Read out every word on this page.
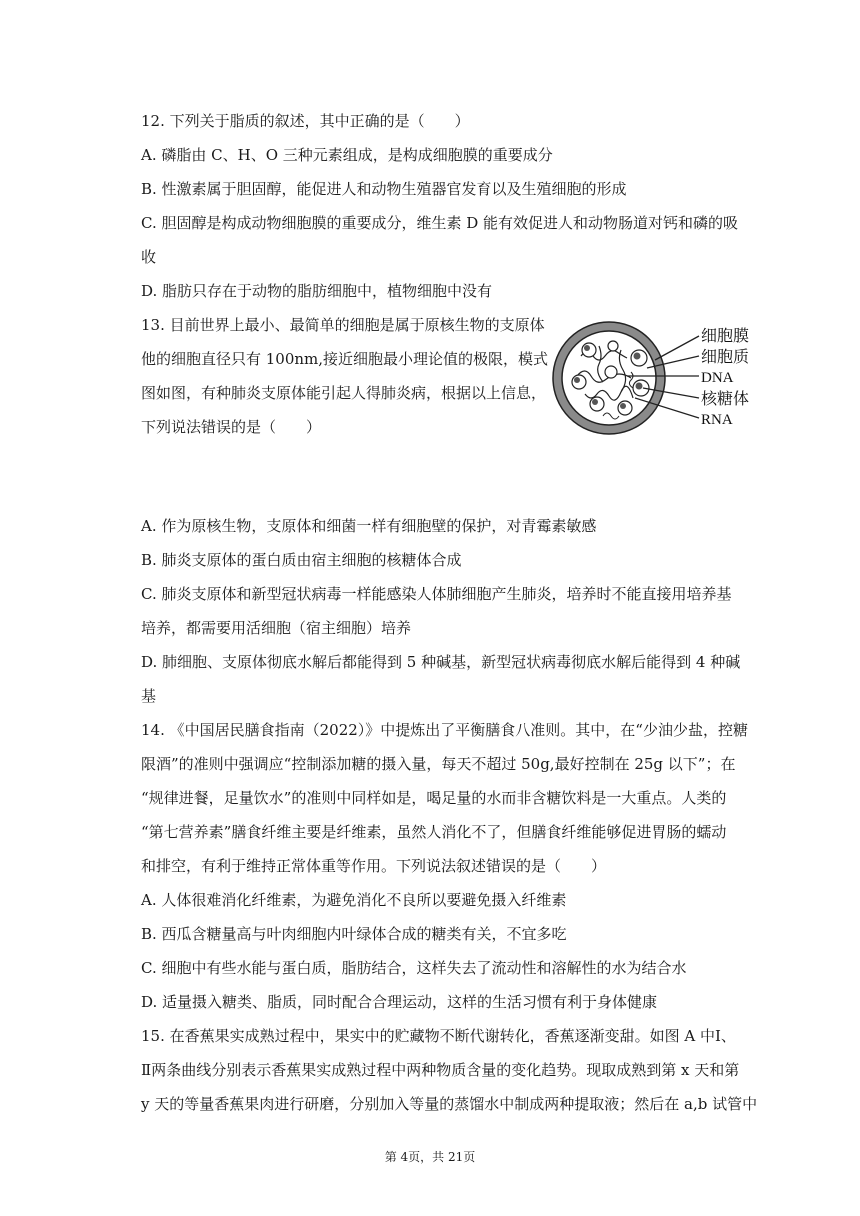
12. 下列关于脂质的叙述，其中正确的是（　　）
A. 磷脂由 C、H、O 三种元素组成，是构成细胞膜的重要成分
B. 性激素属于胆固醇，能促进人和动物生殖器官发育以及生殖细胞的形成
C. 胆固醇是构成动物细胞膜的重要成分，维生素 D 能有效促进人和动物肠道对钙和磷的吸
收
D. 脂肪只存在于动物的脂肪细胞中，植物细胞中没有
13. 目前世界上最小、最简单的细胞是属于原核生物的支原体
他的细胞直径只有 100nm,接近细胞最小理论值的极限，模式
图如图，有种肺炎支原体能引起人得肺炎病，根据以上信息，
下列说法错误的是（　　）
细胞膜
细胞质
DNA
核糖体
RNA
A. 作为原核生物，支原体和细菌一样有细胞壁的保护，对青霉素敏感
B. 肺炎支原体的蛋白质由宿主细胞的核糖体合成
C. 肺炎支原体和新型冠状病毒一样能感染人体肺细胞产生肺炎，培养时不能直接用培养基
培养，都需要用活细胞（宿主细胞）培养
D. 肺细胞、支原体彻底水解后都能得到 5 种碱基，新型冠状病毒彻底水解后能得到 4 种碱
基
14. 《中国居民膳食指南（2022）》中提炼出了平衡膳食八准则。其中，在“少油少盐，控糖
限酒”的准则中强调应“控制添加糖的摄入量，每天不超过 50g,最好控制在 25g 以下”；在
“规律进餐，足量饮水”的准则中同样如是，喝足量的水而非含糖饮料是一大重点。人类的
“第七营养素”膳食纤维主要是纤维素，虽然人消化不了，但膳食纤维能够促进胃肠的蠕动
和排空，有利于维持正常体重等作用。下列说法叙述错误的是（　　）
A. 人体很难消化纤维素，为避免消化不良所以要避免摄入纤维素
B. 西瓜含糖量高与叶肉细胞内叶绿体合成的糖类有关，不宜多吃
C. 细胞中有些水能与蛋白质，脂肪结合，这样失去了流动性和溶解性的水为结合水
D. 适量摄入糖类、脂质，同时配合合理运动，这样的生活习惯有利于身体健康
15. 在香蕉果实成熟过程中，果实中的贮藏物不断代谢转化，香蕉逐渐变甜。如图 A 中Ⅰ、
Ⅱ两条曲线分别表示香蕉果实成熟过程中两种物质含量的变化趋势。现取成熟到第 x 天和第
y 天的等量香蕉果肉进行研磨，分别加入等量的蒸馏水中制成两种提取液；然后在 a,b 试管中
第 4页，共 21页
